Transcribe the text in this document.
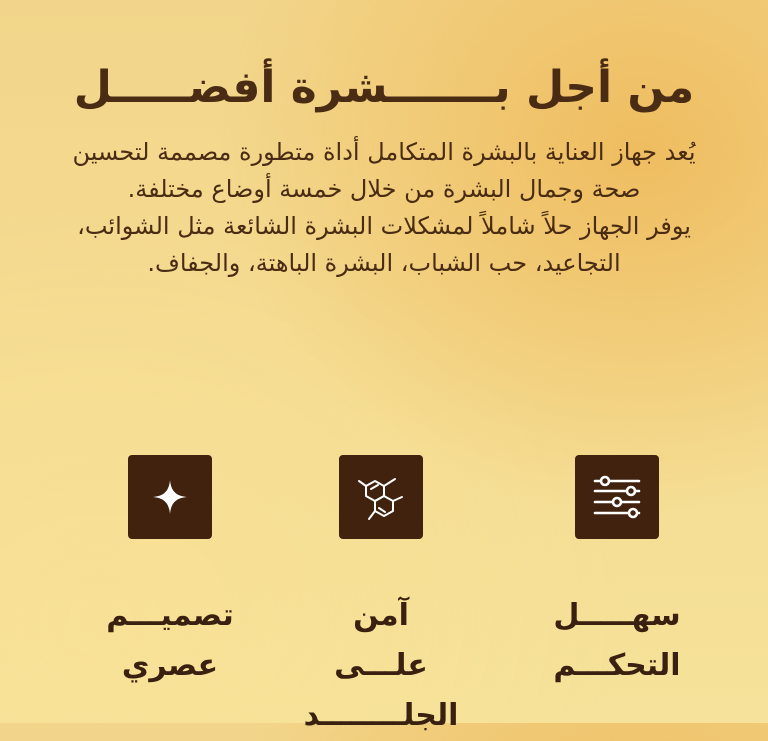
من أجل بـــــــشرة أفضـــــل

يُعد جهاز العناية بالبشرة المتكامل أداة متطورة مصممة لتحسين صحة وجمال البشرة من خلال خمسة أوضاع مختلفة.

يوفر الجهاز حلاً شاملاً لمشكلات البشرة الشائعة مثل الشوائب، التجاعيد، حب الشباب، البشرة الباهتة، والجفاف.

سهـــــل
التحكـــم
آمن علـــى
الجلــــــــد
تصميـــم
عصري
